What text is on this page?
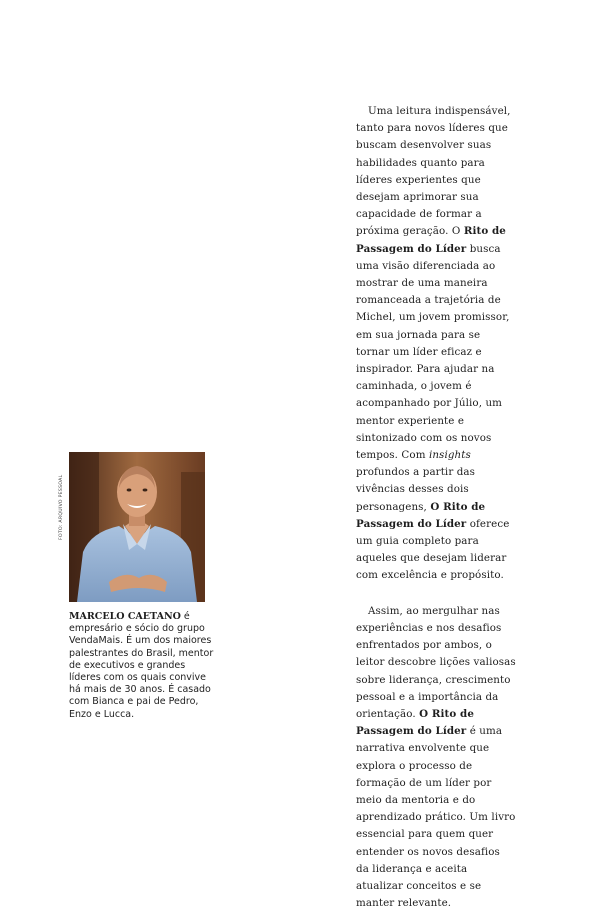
Uma leitura indispensável, tanto para novos líderes que buscam desenvolver suas habilidades quanto para líderes experientes que desejam aprimorar sua capacidade de formar a próxima geração. O Rito de Passagem do Líder busca uma visão diferenciada ao mostrar de uma maneira romanceada a trajetória de Michel, um jovem promissor, em sua jornada para se tornar um líder eficaz e inspirador. Para ajudar na caminhada, o jovem é acompanhado por Júlio, um mentor experiente e sintonizado com os novos tempos. Com insights profundos a partir das vivências desses dois personagens, O Rito de Passagem do Líder oferece um guia completo para aqueles que desejam liderar com excelência e propósito.

Assim, ao mergulhar nas experiências e nos desafios enfrentados por ambos, o leitor descobre lições valiosas sobre liderança, crescimento pessoal e a importância da orientação. O Rito de Passagem do Líder é uma narrativa envolvente que explora o processo de formação de um líder por meio da mentoria e do aprendizado prático. Um livro essencial para quem quer entender os novos desafios da liderança e aceita atualizar conceitos e se manter relevante.

FOTO: ARQUIVO PESSOAL

MARCELO CAETANO é empresário e sócio do grupo VendaMais. É um dos maiores palestrantes do Brasil, mentor de executivos e grandes líderes com os quais convive há mais de 30 anos. É casado com Bianca e pai de Pedro, Enzo e Lucca.
